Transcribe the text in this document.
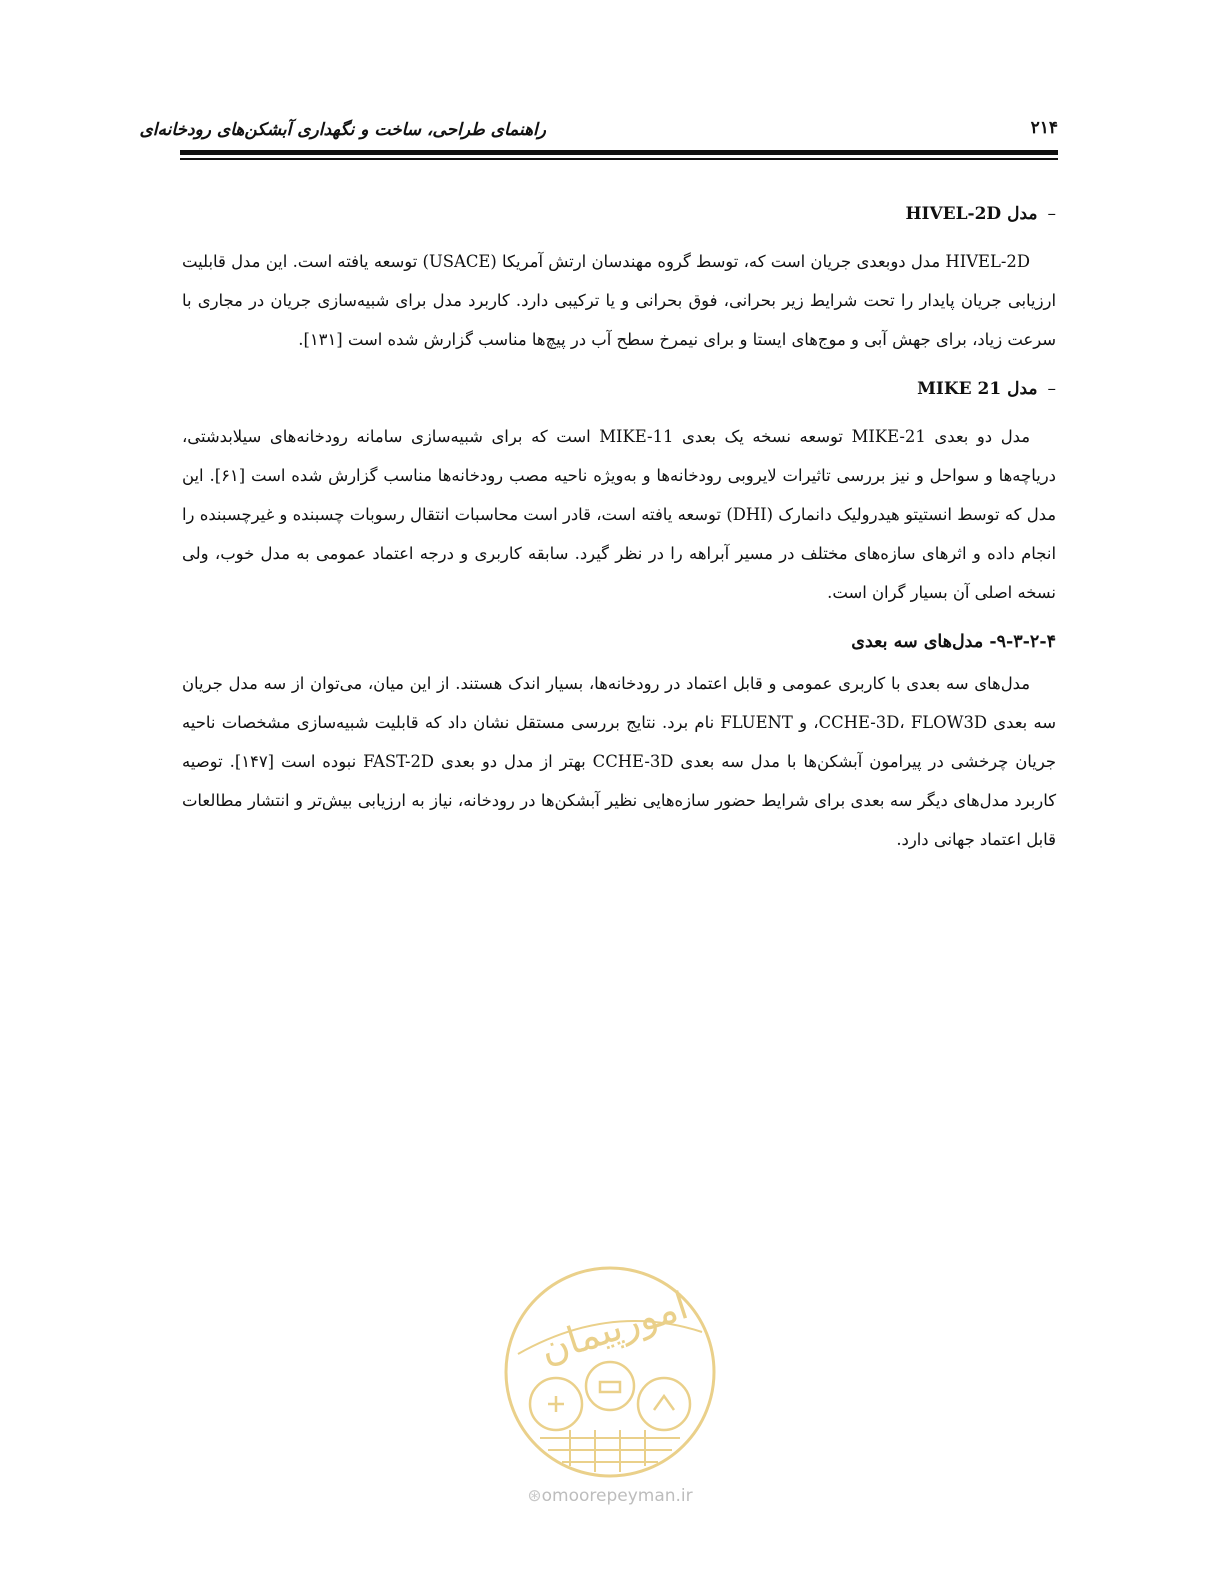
راهنمای طراحی، ساخت و نگهداری آبشکن‌های رودخانه‌ای	۲۱۴
–مدل HIVEL-2D

HIVEL-2D مدل دوبعدی جریان است که، توسط گروه مهندسان ارتش آمریکا (USACE) توسعه یافته است. این مدل قابلیت ارزیابی جریان پایدار را تحت شرایط زیر بحرانی، فوق بحرانی و یا ترکیبی دارد. کاربرد مدل برای شبیه‌سازی جریان در مجاری با سرعت زیاد، برای جهش آبی و موج‌های ایستا و برای نیمرخ سطح آب در پیچ‌ها مناسب گزارش شده است [۱۳۱].

–مدل MIKE 21

مدل دو بعدی MIKE-21 توسعه نسخه یک بعدی MIKE-11 است که برای شبیه‌سازی سامانه رودخانه‌های سیلابدشتی، دریاچه‌ها و سواحل و نیز بررسی تاثیرات لایروبی رودخانه‌ها و به‌ویژه ناحیه مصب رودخانه‌ها مناسب گزارش شده است [۶۱]. این مدل که توسط انستیتو هیدرولیک دانمارک (DHI) توسعه یافته است، قادر است محاسبات انتقال رسوبات چسبنده و غیرچسبنده را انجام داده و اثرهای سازه‌های مختلف در مسیر آبراهه را در نظر گیرد. سابقه کاربری و درجه اعتماد عمومی به مدل خوب، ولی نسخه اصلی آن بسیار گران است.

۹-۳-۲-۴- مدل‌های سه بعدی

مدل‌های سه بعدی با کاربری عمومی و قابل اعتماد در رودخانه‌ها، بسیار اندک هستند. از این میان، می‌توان از سه مدل جریان سه بعدی CCHE-3D، FLOW3D، و FLUENT نام برد. نتایج بررسی مستقل نشان داد که قابلیت شبیه‌سازی مشخصات ناحیه جریان چرخشی در پیرامون آبشکن‌ها با مدل سه بعدی CCHE-3D بهتر از مدل دو بعدی FAST-2D نبوده است [۱۴۷]. توصیه کاربرد مدل‌های دیگر سه بعدی برای شرایط حضور سازه‌هایی نظیر آبشکن‌ها در رودخانه، نیاز به ارزیابی بیش‌تر و انتشار مطالعات قابل اعتماد جهانی دارد.

امورپیمان
⊛omoorepeyman.ir
